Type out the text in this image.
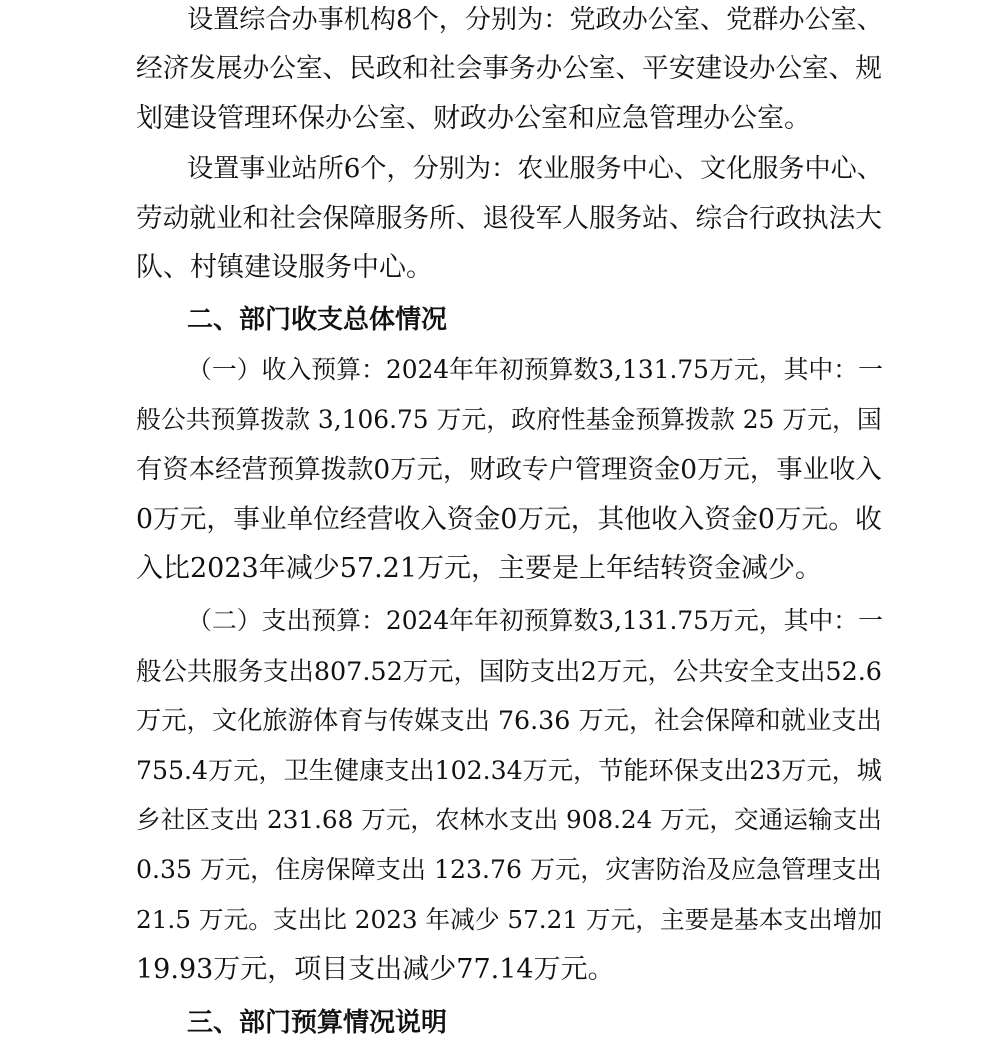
设置综合办事机构8个，分别为：党政办公室、党群办公室、

经济发展办公室、民政和社会事务办公室、平安建设办公室、规

划建设管理环保办公室、财政办公室和应急管理办公室。

设置事业站所6个，分别为：农业服务中心、文化服务中心、

劳动就业和社会保障服务所、退役军人服务站、综合行政执法大

队、村镇建设服务中心。

二、部门收支总体情况

（一）收入预算：2024年年初预算数3,131.75万元，其中：一

般公共预算拨款 3,106.75 万元，政府性基金预算拨款 25 万元，国

有资本经营预算拨款0万元，财政专户管理资金0万元，事业收入

0万元，事业单位经营收入资金0万元，其他收入资金0万元。收

入比2023年减少57.21万元，主要是上年结转资金减少。

（二）支出预算：2024年年初预算数3,131.75万元，其中：一

般公共服务支出807.52万元，国防支出2万元，公共安全支出52.6

万元，文化旅游体育与传媒支出 76.36 万元，社会保障和就业支出

755.4万元，卫生健康支出102.34万元，节能环保支出23万元，城

乡社区支出 231.68 万元，农林水支出 908.24 万元，交通运输支出

0.35 万元，住房保障支出 123.76 万元，灾害防治及应急管理支出

21.5 万元。支出比 2023 年减少 57.21 万元，主要是基本支出增加

19.93万元，项目支出减少77.14万元。

三、部门预算情况说明
